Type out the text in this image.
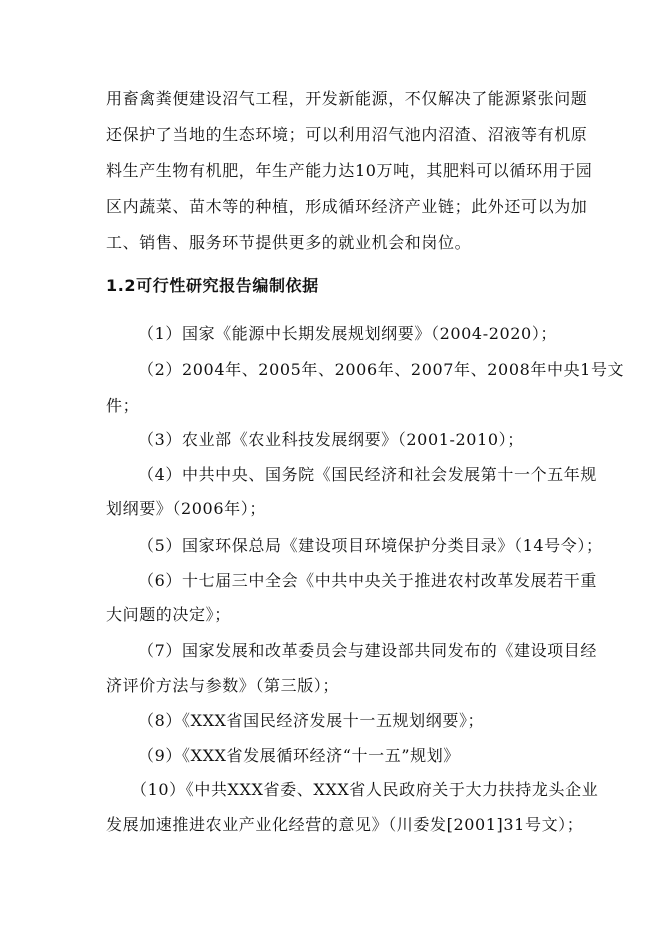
用畜禽粪便建设沼气工程，开发新能源，不仅解决了能源紧张问题
还保护了当地的生态环境；可以利用沼气池内沼渣、沼液等有机原
料生产生物有机肥，年生产能力达10万吨，其肥料可以循环用于园
区内蔬菜、苗木等的种植，形成循环经济产业链；此外还可以为加
工、销售、服务环节提供更多的就业机会和岗位。
1.2可行性研究报告编制依据
（1）国家《能源中长期发展规划纲要》（2004-2020）；
（2）2004年、2005年、2006年、2007年、2008年中央1号文
件；
（3）农业部《农业科技发展纲要》（2001-2010）；
（4）中共中央、国务院《国民经济和社会发展第十一个五年规
划纲要》（2006年）；
（5）国家环保总局《建设项目环境保护分类目录》（14号令）；
（6）十七届三中全会《中共中央关于推进农村改革发展若干重
大问题的决定》；
（7）国家发展和改革委员会与建设部共同发布的《建设项目经
济评价方法与参数》（第三版）；
（8）《XXX省国民经济发展十一五规划纲要》；
（9）《XXX省发展循环经济“十一五”规划》
（10）《中共XXX省委、XXX省人民政府关于大力扶持龙头企业
发展加速推进农业产业化经营的意见》（川委发[2001]31号文）；
